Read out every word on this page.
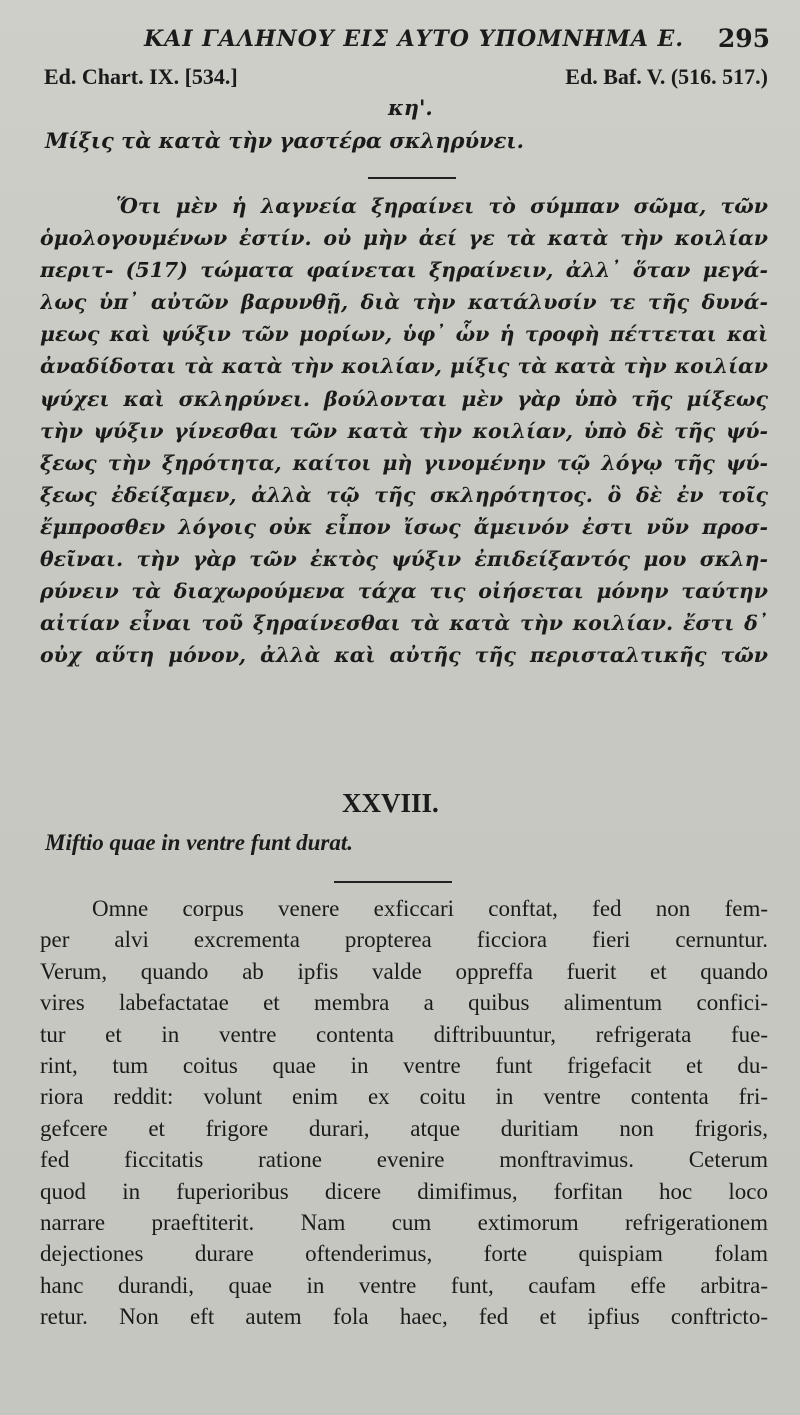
ΚΑΙ ΓΑΛΗΝΟΥ ΕΙΣ ΑΥΤΟ ΥΠΟΜΝΗΜΑ Ε. 295
Ed. Chart. IX. [534.]	Ed. Baf. V. (516. 517.)
κη'.
Μίξις τὰ κατὰ τὴν γαστέρα σκληρύνει.
Ὅτι μὲν ἡ λαγνεία ξηραίνει τὸ σύμπαν σῶμα, τῶν
ὁμολογουμένων ἐστίν. οὐ μὴν ἀεί γε τὰ κατὰ τὴν κοιλίαν
περιτ- (517) τώματα φαίνεται ξηραίνειν, ἀλλ᾽ ὅταν μεγά-
λως ὑπ᾽ αὐτῶν βαρυνθῇ, διὰ τὴν κατάλυσίν τε τῆς δυνά-
μεως καὶ ψύξιν τῶν μορίων, ὑφ᾽ ὧν ἡ τροφὴ πέττεται καὶ
ἀναδίδοται τὰ κατὰ τὴν κοιλίαν, μίξις τὰ κατὰ τὴν κοιλίαν
ψύχει καὶ σκληρύνει. βούλονται μὲν γὰρ ὑπὸ τῆς μίξεως
τὴν ψύξιν γίνεσθαι τῶν κατὰ τὴν κοιλίαν, ὑπὸ δὲ τῆς ψύ-
ξεως τὴν ξηρότητα, καίτοι μὴ γινομένην τῷ λόγῳ τῆς ψύ-
ξεως ἐδείξαμεν, ἀλλὰ τῷ τῆς σκληρότητος. ὃ δὲ ἐν τοῖς
ἔμπροσθεν λόγοις οὐκ εἶπον ἴσως ἄμεινόν ἐστι νῦν προσ-
θεῖναι. τὴν γὰρ τῶν ἐκτὸς ψύξιν ἐπιδείξαντός μου σκλη-
ρύνειν τὰ διαχωρούμενα τάχα τις οἰήσεται μόνην ταύτην
αἰτίαν εἶναι τοῦ ξηραίνεσθαι τὰ κατὰ τὴν κοιλίαν. ἔστι δ᾽
οὐχ αὕτη μόνον, ἀλλὰ καὶ αὐτῆς τῆς περισταλτικῆς τῶν
XXVIII.
Miftio quae in ventre funt durat.
Omne corpus venere exficcari conftat, fed non fem-
per alvi excrementa propterea ficciora fieri cernuntur.
Verum, quando ab ipfis valde oppreffa fuerit et quando
vires labefactatae et membra a quibus alimentum confici-
tur et in ventre contenta diftribuuntur, refrigerata fue-
rint, tum coitus quae in ventre funt frigefacit et du-
riora reddit: volunt enim ex coitu in ventre contenta fri-
gefcere et frigore durari, atque duritiam non frigoris,
fed ficcitatis ratione evenire monftravimus. Ceterum
quod in fuperioribus dicere dimifimus, forfitan hoc loco
narrare praeftiterit. Nam cum extimorum refrigerationem
dejectiones durare oftenderimus, forte quispiam folam
hanc durandi, quae in ventre funt, caufam effe arbitra-
retur. Non eft autem fola haec, fed et ipfius conftricto-
